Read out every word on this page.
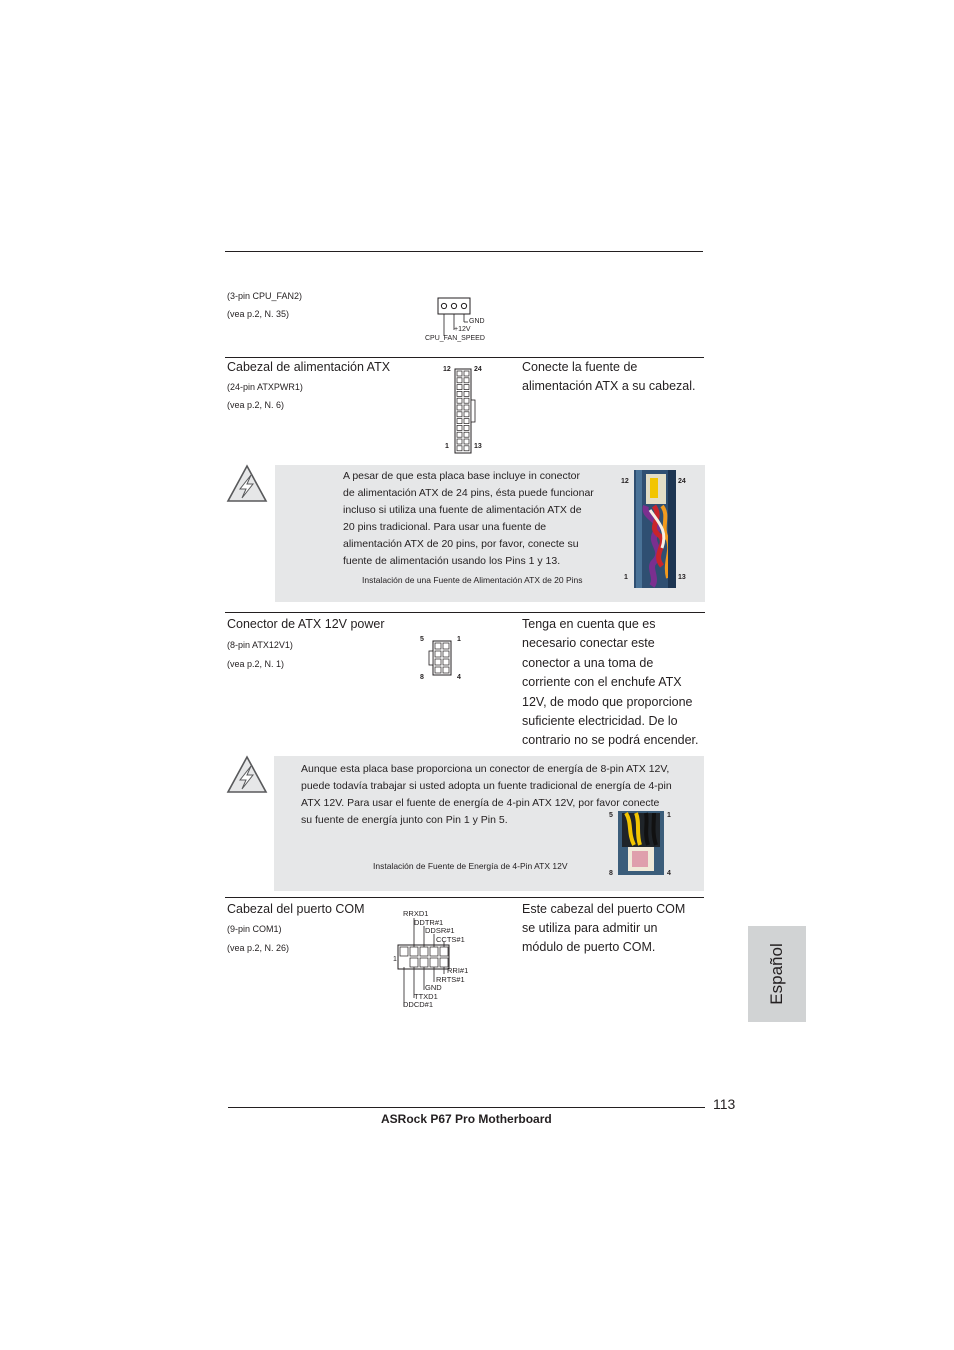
(3-pin CPU_FAN2)
(vea p.2, N. 35)
GND
+12V
CPU_FAN_SPEED
Cabezal de alimentación ATX
(24-pin ATXPWR1)
(vea p.2, N. 6)
Conecte la fuente de
alimentación ATX a su cabezal.
12	24
1	13
A pesar de que esta placa base incluye in conector
de alimentación ATX de 24 pins, ésta puede funcionar
incluso si utiliza una fuente de alimentación ATX de
20 pins tradicional. Para usar una fuente de
alimentación ATX de 20 pins, por favor, conecte su
fuente de alimentación usando los Pins 1 y 13.
Instalación de una Fuente de Alimentación ATX de 20 Pins
12	24
1	13
Conector de ATX 12V power
(8-pin ATX12V1)
(vea p.2, N. 1)
Tenga en cuenta que es
necesario conectar este
conector a una toma de
corriente con el enchufe ATX
12V, de modo que proporcione
suficiente electricidad. De lo
contrario no se podrá encender.
5	1
8	4
Aunque esta placa base proporciona un conector de energía de 8-pin ATX 12V,
puede todavía trabajar si usted adopta un fuente tradicional de energía de 4-pin
ATX 12V. Para usar el fuente de energía de 4-pin ATX 12V, por favor conecte
su fuente de energía junto con Pin 1 y Pin 5.
Instalación de Fuente de Energía de 4-Pin ATX 12V
5	1
8	4
Cabezal del puerto COM
(9-pin COM1)
(vea p.2, N. 26)
Este cabezal del puerto COM
se utiliza para admitir un
módulo de puerto COM.
1
RRXD1
DDTR#1
DDSR#1
CCTS#1
RRI#1
RRTS#1
GND
TTXD1
DDCD#1	Español
113
ASRock P67 Pro Motherboard
